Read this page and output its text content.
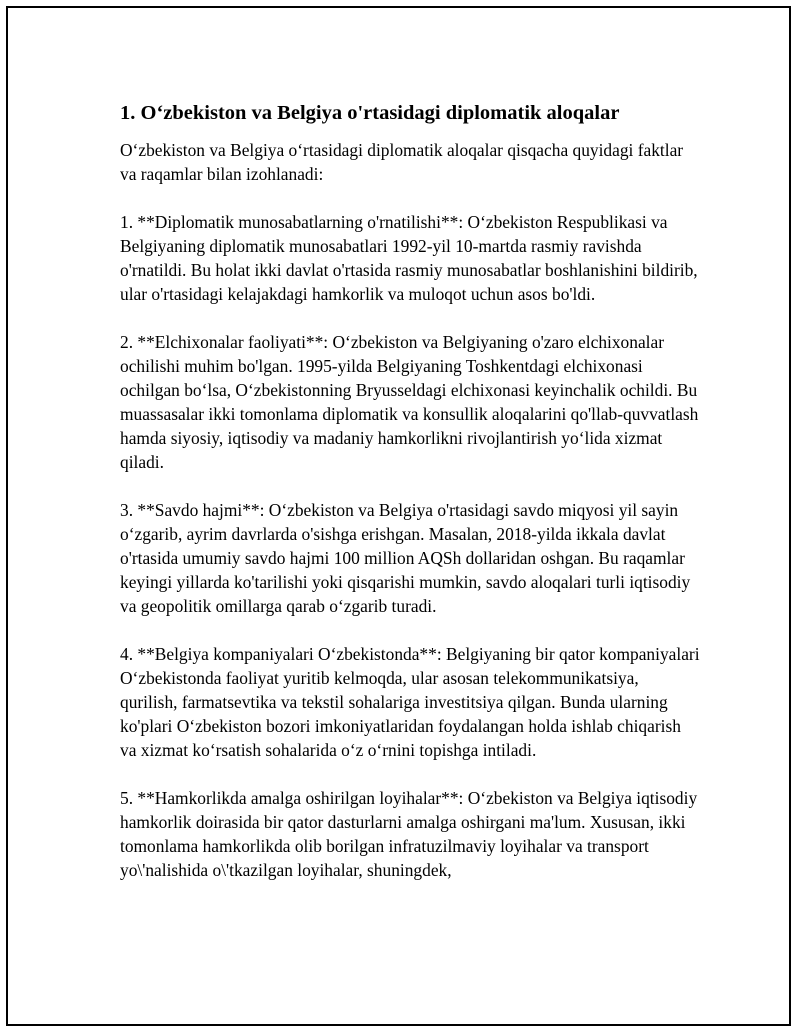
1. O‘zbekiston va Belgiya o'rtasidagi diplomatik aloqalar

O‘zbekiston va Belgiya o‘rtasidagi diplomatik aloqalar qisqacha quyidagi faktlar va raqamlar bilan izohlanadi:

1. **Diplomatik munosabatlarning o'rnatilishi**: O‘zbekiston Respublikasi va Belgiyaning diplomatik munosabatlari 1992-yil 10-martda rasmiy ravishda o'rnatildi. Bu holat ikki davlat o'rtasida rasmiy munosabatlar boshlanishini bildirib, ular o'rtasidagi kelajakdagi hamkorlik va muloqot uchun asos bo'ldi.

2. **Elchixonalar faoliyati**: O‘zbekiston va Belgiyaning o'zaro elchixonalar ochilishi muhim bo'lgan. 1995-yilda Belgiyaning Toshkentdagi elchixonasi ochilgan bo‘lsa, O‘zbekistonning Bryusseldagi elchixonasi keyinchalik ochildi. Bu muassasalar ikki tomonlama diplomatik va konsullik aloqalarini qo'llab-quvvatlash hamda siyosiy, iqtisodiy va madaniy hamkorlikni rivojlantirish yo‘lida xizmat qiladi.

3. **Savdo hajmi**: O‘zbekiston va Belgiya o'rtasidagi savdo miqyosi yil sayin o‘zgarib, ayrim davrlarda o'sishga erishgan. Masalan, 2018-yilda ikkala davlat o'rtasida umumiy savdo hajmi 100 million AQSh dollaridan oshgan. Bu raqamlar keyingi yillarda ko'tarilishi yoki qisqarishi mumkin, savdo aloqalari turli iqtisodiy va geopolitik omillarga qarab o‘zgarib turadi.

4. **Belgiya kompaniyalari O‘zbekistonda**: Belgiyaning bir qator kompaniyalari O‘zbekistonda faoliyat yuritib kelmoqda, ular asosan telekommunikatsiya, qurilish, farmatsevtika va tekstil sohalariga investitsiya qilgan. Bunda ularning ko'plari O‘zbekiston bozori imkoniyatlaridan foydalangan holda ishlab chiqarish va xizmat ko‘rsatish sohalarida o‘z o‘rnini topishga intiladi.

5. **Hamkorlikda amalga oshirilgan loyihalar**: O‘zbekiston va Belgiya iqtisodiy hamkorlik doirasida bir qator dasturlarni amalga oshirgani ma'lum. Xususan, ikki tomonlama hamkorlikda olib borilgan infratuzilmaviy loyihalar va transport yo\'nalishida o\'tkazilgan loyihalar, shuningdek,
